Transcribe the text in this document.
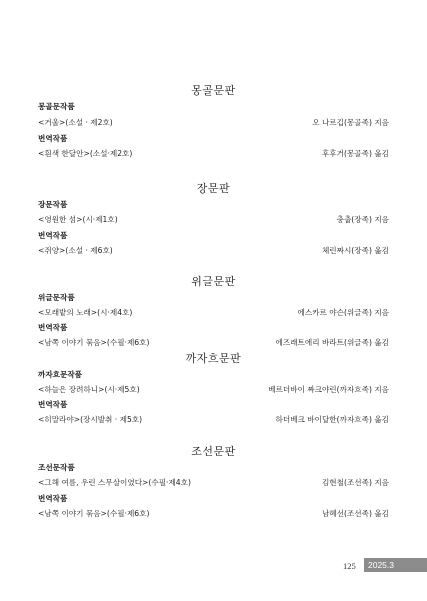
몽골문판
몽골문작품
<거울>(소설 · 제2호)	오 나르깁(몽골족) 지음
번역작품
<흰색 한달안>(소설·제2호)	후후거(몽골족) 옮김
장문판
장문작품
<영원한 섬>(시·제1호)	충춥(장족) 지음
번역작품
<쥐양>(소설 · 제6호)	체린짜시(장족) 옮김
위글문판
위글문작품
<모래밭의 노래>(시·제4호)	에스카르 야슨(위글족) 지음
번역작품
<남쪽 이야기 묶음>(수필·제6호)	에즈래트에리 바라트(위글족) 옮김
까자흐문판
까자흐문작품
<하늘은 장려하니>(시·제5호)	베르더바이 짜크야린(까자흐족) 지음
번역작품
<히말라야>(장시발취 · 제5호)	하더베크 바이달한(까자흐족) 옮김
조선문판
조선문작품
<그해 여름, 우린 스무살이였다>(수필·제4호)	김현철(조선족) 지음
번역작품
<남쪽 이야기 묶음>(수필·제6호)	남혜선(조선족) 옮김
125 2025.3
